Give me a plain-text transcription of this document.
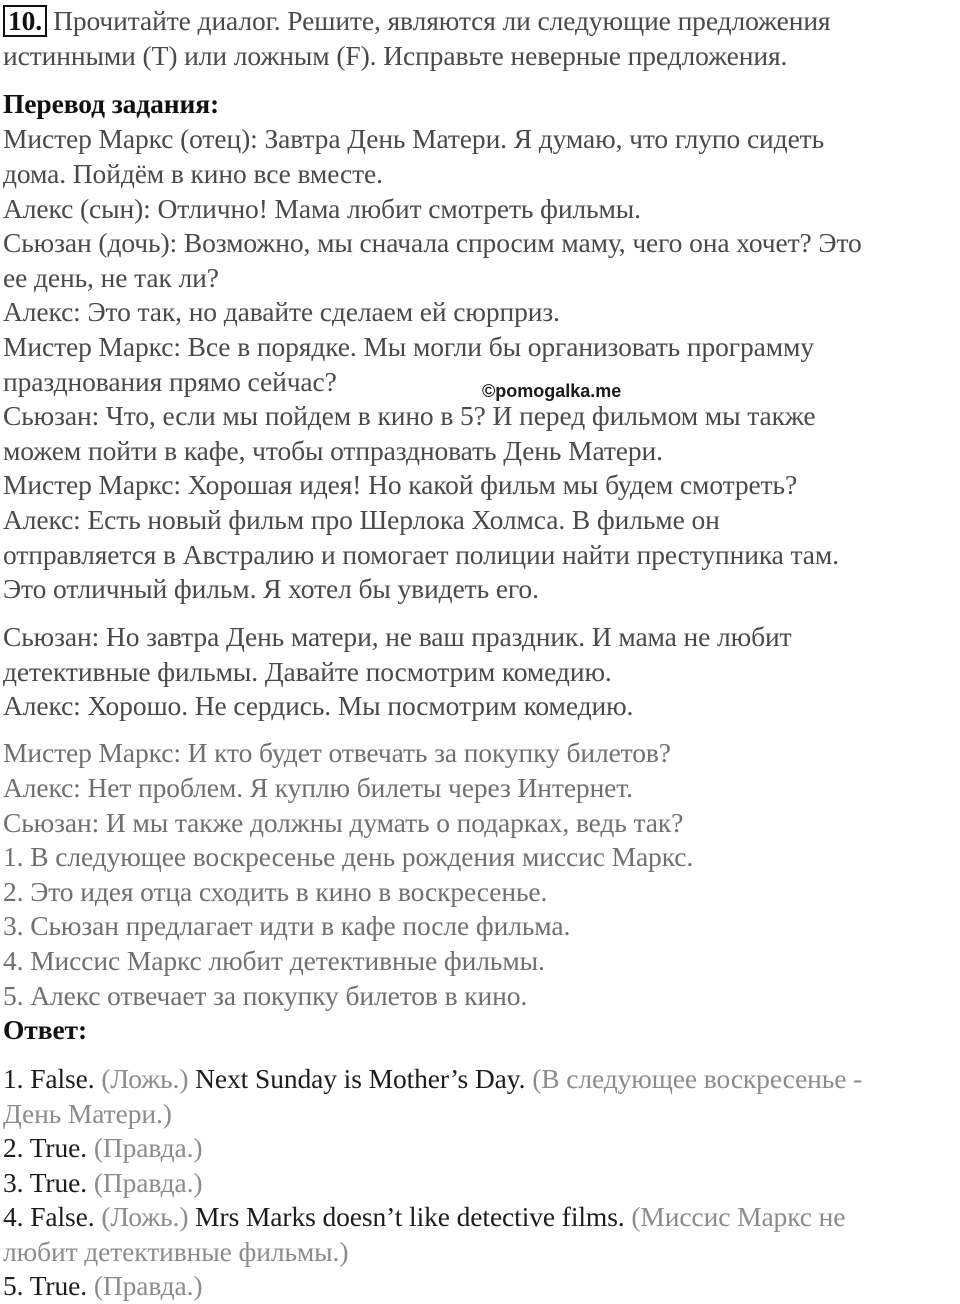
10. Прочитайте диалог. Решите, являются ли следующие предложения
истинными (T) или ложным (F). Исправьте неверные предложения.
Перевод задания:
Мистер Маркс (отец): Завтра День Матери. Я думаю, что глупо сидеть
дома. Пойдём в кино все вместе.
Алекс (сын): Отлично! Мама любит смотреть фильмы.
Сьюзан (дочь): Возможно, мы сначала спросим маму, чего она хочет? Это
ее день, не так ли?
Алекс: Это так, но давайте сделаем ей сюрприз.
Мистер Маркс: Все в порядке. Мы могли бы организовать программу
празднования прямо сейчас?
Сьюзан: Что, если мы пойдем в кино в 5? И перед фильмом мы также
можем пойти в кафе, чтобы отпраздновать День Матери.
Мистер Маркс: Хорошая идея! Но какой фильм мы будем смотреть?
Алекс: Есть новый фильм про Шерлока Холмса. В фильме он
отправляется в Австралию и помогает полиции найти преступника там.
Это отличный фильм. Я хотел бы увидеть его.
Сьюзан: Но завтра День матери, не ваш праздник. И мама не любит
детективные фильмы. Давайте посмотрим комедию.
Алекс: Хорошо. Не сердись. Мы посмотрим комедию.
Мистер Маркс: И кто будет отвечать за покупку билетов?
Алекс: Нет проблем. Я куплю билеты через Интернет.
Сьюзан: И мы также должны думать о подарках, ведь так?
1. В следующее воскресенье день рождения миссис Маркс.
2. Это идея отца сходить в кино в воскресенье.
3. Сьюзан предлагает идти в кафе после фильма.
4. Миссис Маркс любит детективные фильмы.
5. Алекс отвечает за покупку билетов в кино.
Ответ:
1. False. (Ложь.) Next Sunday is Mother’s Day. (В следующее воскресенье -
День Матери.)
2. True. (Правда.)
3. True. (Правда.)
4. False. (Ложь.) Mrs Marks doesn’t like detective films. (Миссис Маркс не
любит детективные фильмы.)
5. True. (Правда.)
©pomogalka.me
